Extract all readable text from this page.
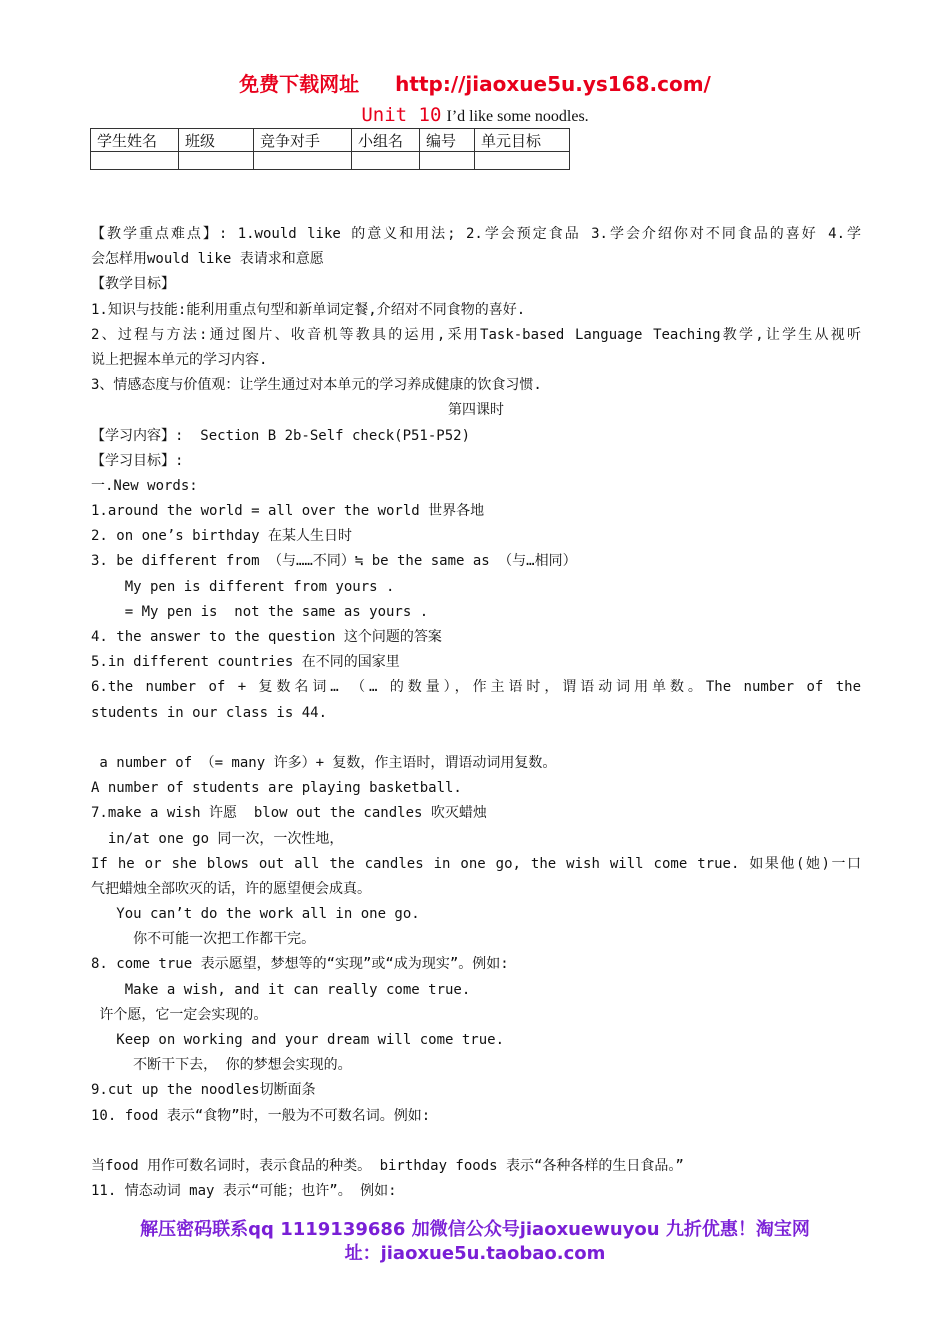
免费下载网址 http://jiaoxue5u.ys168.com/
Unit 10 I’d like some noodles.
学生姓名	班级	竞争对手	小组名	编号	单元目标

【教学重点难点】: 1.would like 的意义和用法; 2.学会预定食品 3.学会介绍你对不同食品的喜好 4.学
会怎样用would like 表请求和意愿
【教学目标】
1.知识与技能:能利用重点句型和新单词定餐,介绍对不同食物的喜好.
2、过程与方法:通过图片、收音机等教具的运用,采用Task-based Language Teaching教学,让学生从视听
说上把握本单元的学习内容.
3、情感态度与价值观：让学生通过对本单元的学习养成健康的饮食习惯.
第四课时
【学习内容】:  Section B 2b-Self check(P51-P52)
【学习目标】:
一.New words:
1.around the world = all over the world 世界各地
2. on one’s birthday 在某人生日时
3. be different from （与……不同）≒ be the same as （与…相同）
My pen is different from yours .
= My pen is  not the same as yours .
4. the answer to the question 这个问题的答案
5.in different countries 在不同的国家里
6.the number of + 复数名词… （… 的数量），作主语时，谓语动词用单数。The number of the
students in our class is 44.
a number of （= many 许多）+ 复数，作主语时，谓语动词用复数。
A number of students are playing basketball.
7.make a wish 许愿  blow out the candles 吹灭蜡烛
in/at one go 同一次，一次性地，
If he or she blows out all the candles in one go, the wish will come true. 如果他(她)一口
气把蜡烛全部吹灭的话，许的愿望便会成真。
You can’t do the work all in one go.
你不可能一次把工作都干完。
8. come true 表示愿望，梦想等的“实现”或“成为现实”。例如:
Make a wish, and it can really come true.
许个愿，它一定会实现的。
Keep on working and your dream will come true.
不断干下去， 你的梦想会实现的。
9.cut up the noodles切断面条
10. food 表示“食物”时，一般为不可数名词。例如:
当food 用作可数名词时，表示食品的种类。 birthday foods 表示“各种各样的生日食品。”
11. 情态动词 may 表示“可能；也许”。 例如:
解压密码联系qq 1119139686 加微信公众号jiaoxuewuyou 九折优惠！淘宝网
址：jiaoxue5u.taobao.com
